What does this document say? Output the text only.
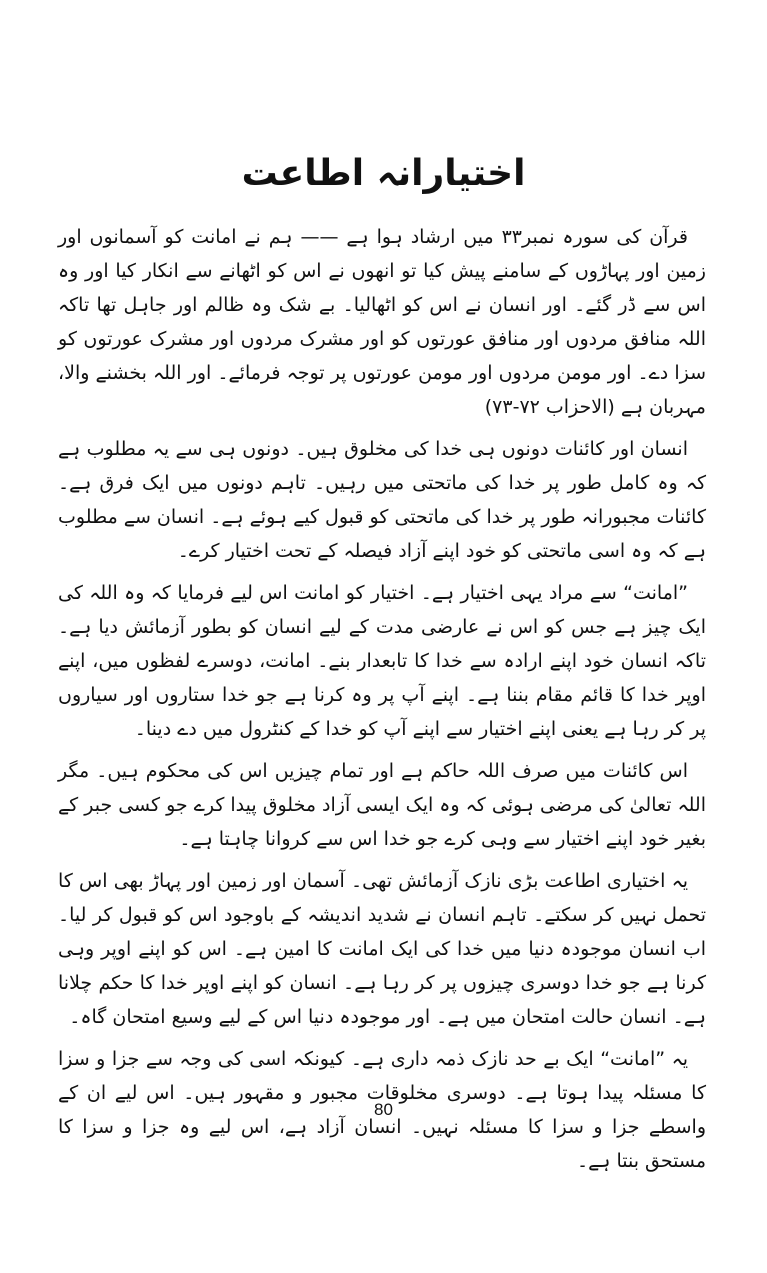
اختیارانہ اطاعت

قرآن کی سورہ نمبر۳۳ میں ارشاد ہوا ہے —— ہم نے امانت کو آسمانوں اور زمین اور پہاڑوں کے سامنے پیش کیا تو انھوں نے اس کو اٹھانے سے انکار کیا اور وہ اس سے ڈر گئے۔ اور انسان نے اس کو اٹھالیا۔ بے شک وہ ظالم اور جاہل تھا تاکہ اللہ منافق مردوں اور منافق عورتوں کو اور مشرک مردوں اور مشرک عورتوں کو سزا دے۔ اور مومن مردوں اور مومن عورتوں پر توجہ فرمائے۔ اور اللہ بخشنے والا، مہربان ہے (الاحزاب ۷۲-۷۳)

انسان اور کائنات دونوں ہی خدا کی مخلوق ہیں۔ دونوں ہی سے یہ مطلوب ہے کہ وہ کامل طور پر خدا کی ماتحتی میں رہیں۔ تاہم دونوں میں ایک فرق ہے۔ کائنات مجبورانہ طور پر خدا کی ماتحتی کو قبول کیے ہوئے ہے۔ انسان سے مطلوب ہے کہ وہ اسی ماتحتی کو خود اپنے آزاد فیصلہ کے تحت اختیار کرے۔

”امانت“ سے مراد یہی اختیار ہے۔ اختیار کو امانت اس لیے فرمایا کہ وہ اللہ کی ایک چیز ہے جس کو اس نے عارضی مدت کے لیے انسان کو بطور آزمائش دیا ہے۔ تاکہ انسان خود اپنے ارادہ سے خدا کا تابعدار بنے۔ امانت، دوسرے لفظوں میں، اپنے اوپر خدا کا قائم مقام بننا ہے۔ اپنے آپ پر وہ کرنا ہے جو خدا ستاروں اور سیاروں پر کر رہا ہے یعنی اپنے اختیار سے اپنے آپ کو خدا کے کنٹرول میں دے دینا۔

اس کائنات میں صرف اللہ حاکم ہے اور تمام چیزیں اس کی محکوم ہیں۔ مگر اللہ تعالیٰ کی مرضی ہوئی کہ وہ ایک ایسی آزاد مخلوق پیدا کرے جو کسی جبر کے بغیر خود اپنے اختیار سے وہی کرے جو خدا اس سے کروانا چاہتا ہے۔

یہ اختیاری اطاعت بڑی نازک آزمائش تھی۔ آسمان اور زمین اور پہاڑ بھی اس کا تحمل نہیں کر سکتے۔ تاہم انسان نے شدید اندیشہ کے باوجود اس کو قبول کر لیا۔ اب انسان موجودہ دنیا میں خدا کی ایک امانت کا امین ہے۔ اس کو اپنے اوپر وہی کرنا ہے جو خدا دوسری چیزوں پر کر رہا ہے۔ انسان کو اپنے اوپر خدا کا حکم چلانا ہے۔ انسان حالت امتحان میں ہے۔ اور موجودہ دنیا اس کے لیے وسیع امتحان گاہ۔

یہ ”امانت“ ایک بے حد نازک ذمہ داری ہے۔ کیونکہ اسی کی وجہ سے جزا و سزا کا مسئلہ پیدا ہوتا ہے۔ دوسری مخلوقات مجبور و مقہور ہیں۔ اس لیے ان کے واسطے جزا و سزا کا مسئلہ نہیں۔ انسان آزاد ہے، اس لیے وہ جزا و سزا کا مستحق بنتا ہے۔

80
